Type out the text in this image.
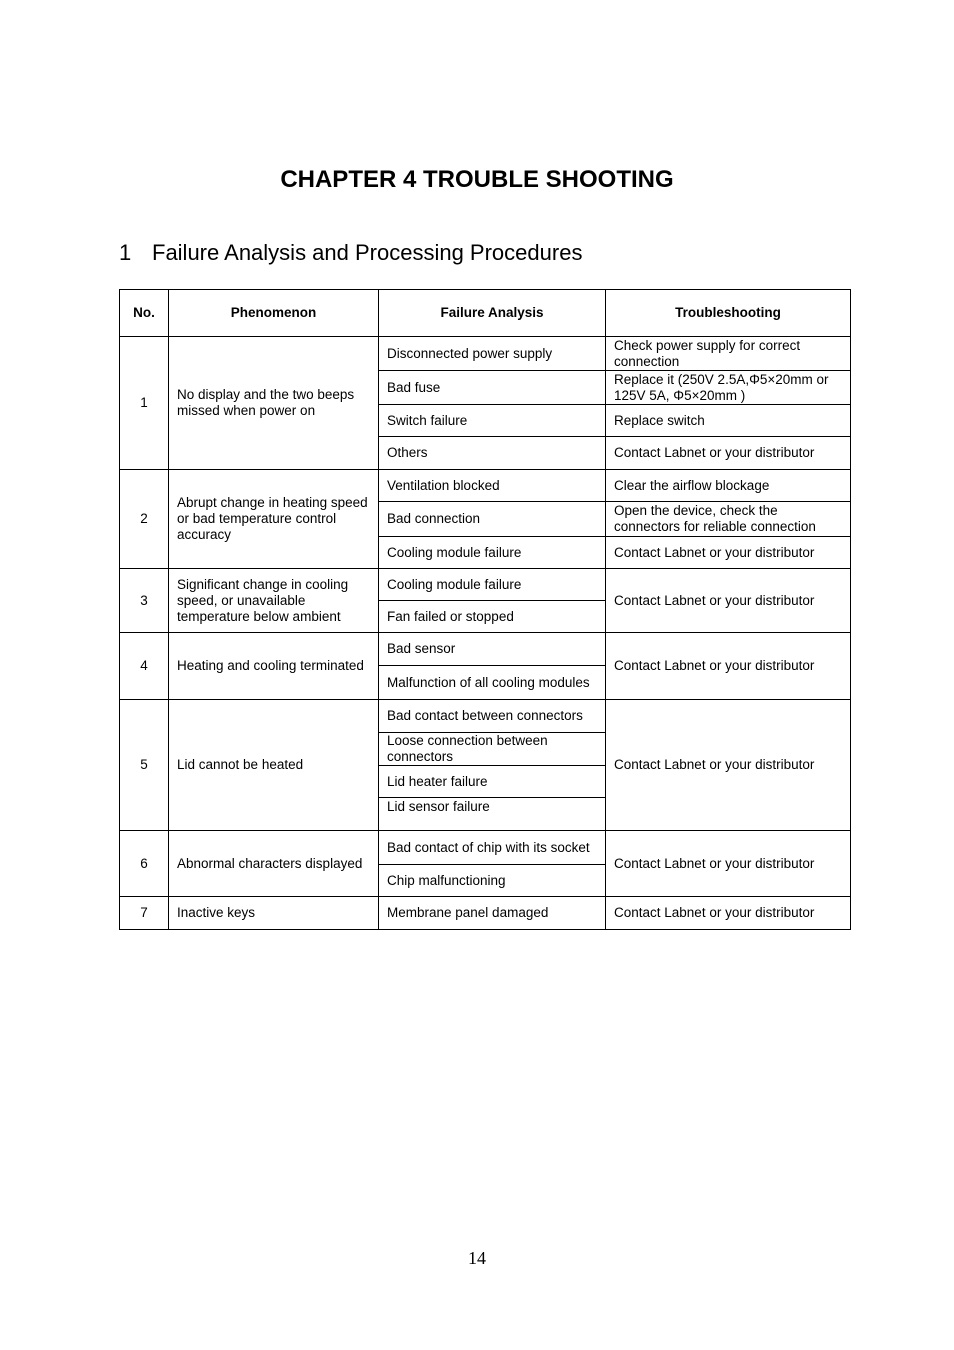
CHAPTER 4 TROUBLE SHOOTING
1 Failure Analysis and Processing Procedures
No.	Phenomenon	Failure Analysis	Troubleshooting
1	No display and the two beeps missed when power on	Disconnected power supply	Check power supply for correct connection
		Bad fuse	Replace it (250V 2.5A,Φ5×20mm or 125V 5A, Φ5×20mm )
		Switch failure	Replace switch
		Others	Contact Labnet or your distributor
2	Abrupt change in heating speed or bad temperature control accuracy	Ventilation blocked	Clear the airflow blockage
		Bad connection	Open the device, check the connectors for reliable connection
		Cooling module failure	Contact Labnet or your distributor
3	Significant change in cooling speed, or unavailable temperature below ambient	Cooling module failure	Contact Labnet or your distributor
		Fan failed or stopped	
4	Heating and cooling terminated	Bad sensor	Contact Labnet or your distributor
		Malfunction of all cooling modules	
5	Lid cannot be heated	Bad contact between connectors	Contact Labnet or your distributor
		Loose connection between connectors	
		Lid heater failure	
		Lid sensor failure	
6	Abnormal characters displayed	Bad contact of chip with its socket	Contact Labnet or your distributor
		Chip malfunctioning	
7	Inactive keys	Membrane panel damaged	Contact Labnet or your distributor
14
